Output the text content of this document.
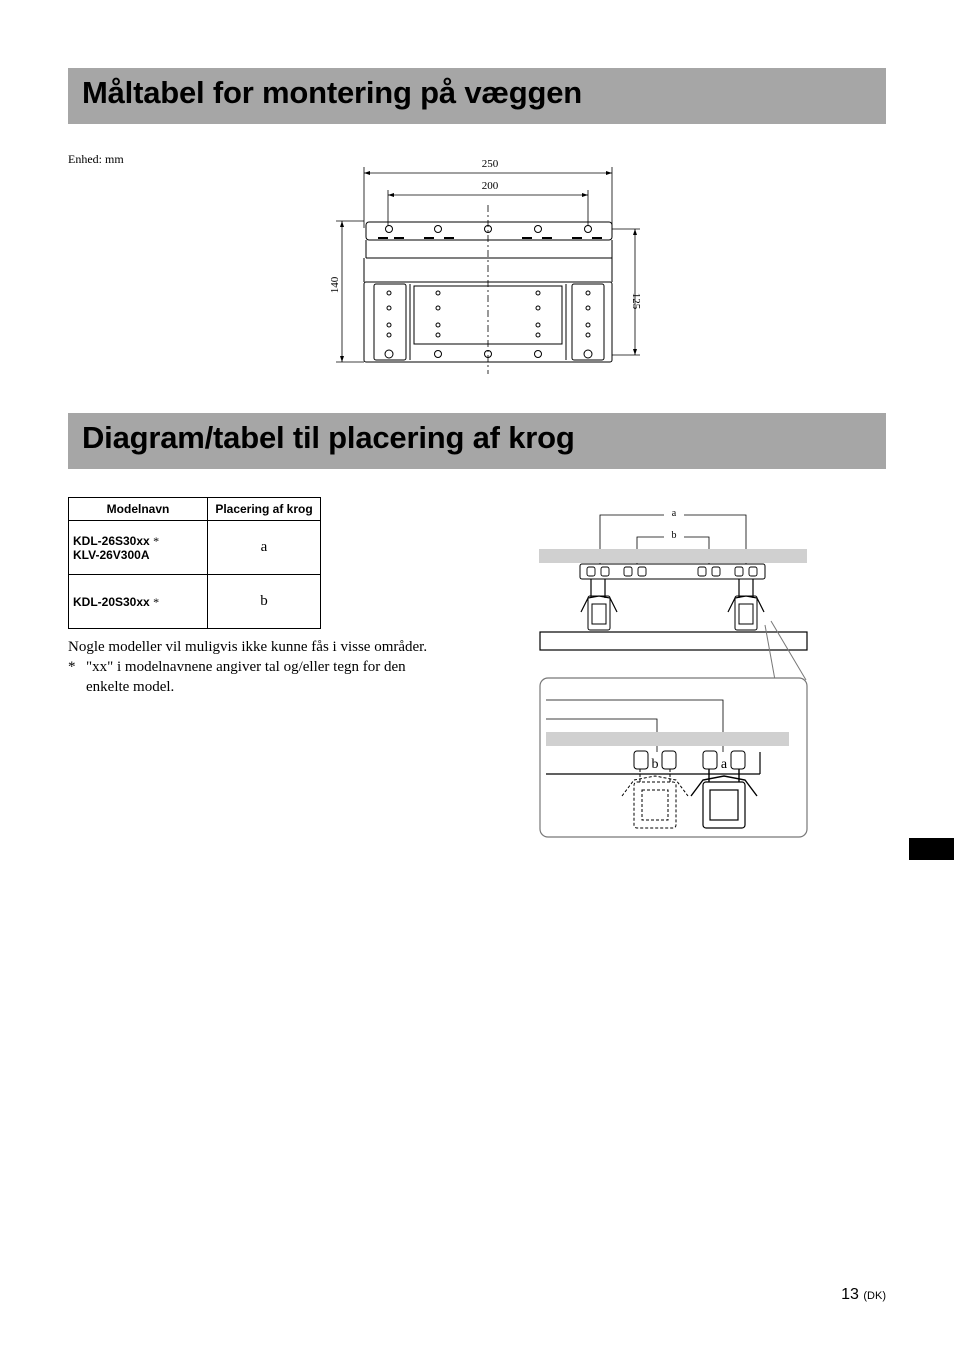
Måltabel for montering på væggen
Enhed: mm	250
200
140
125
Diagram/tabel til placering af krog
Modelnavn	Placering af krog
KDL-26S30xx *
KLV-26V300A	a
KDL-20S30xx *	b

Nogle modeller vil muligvis ikke kunne fås i visse områder.

* "xx" i modelnavnene angiver tal og/eller tegn for den enkelte model.

a
b
b	a
13 (DK)
